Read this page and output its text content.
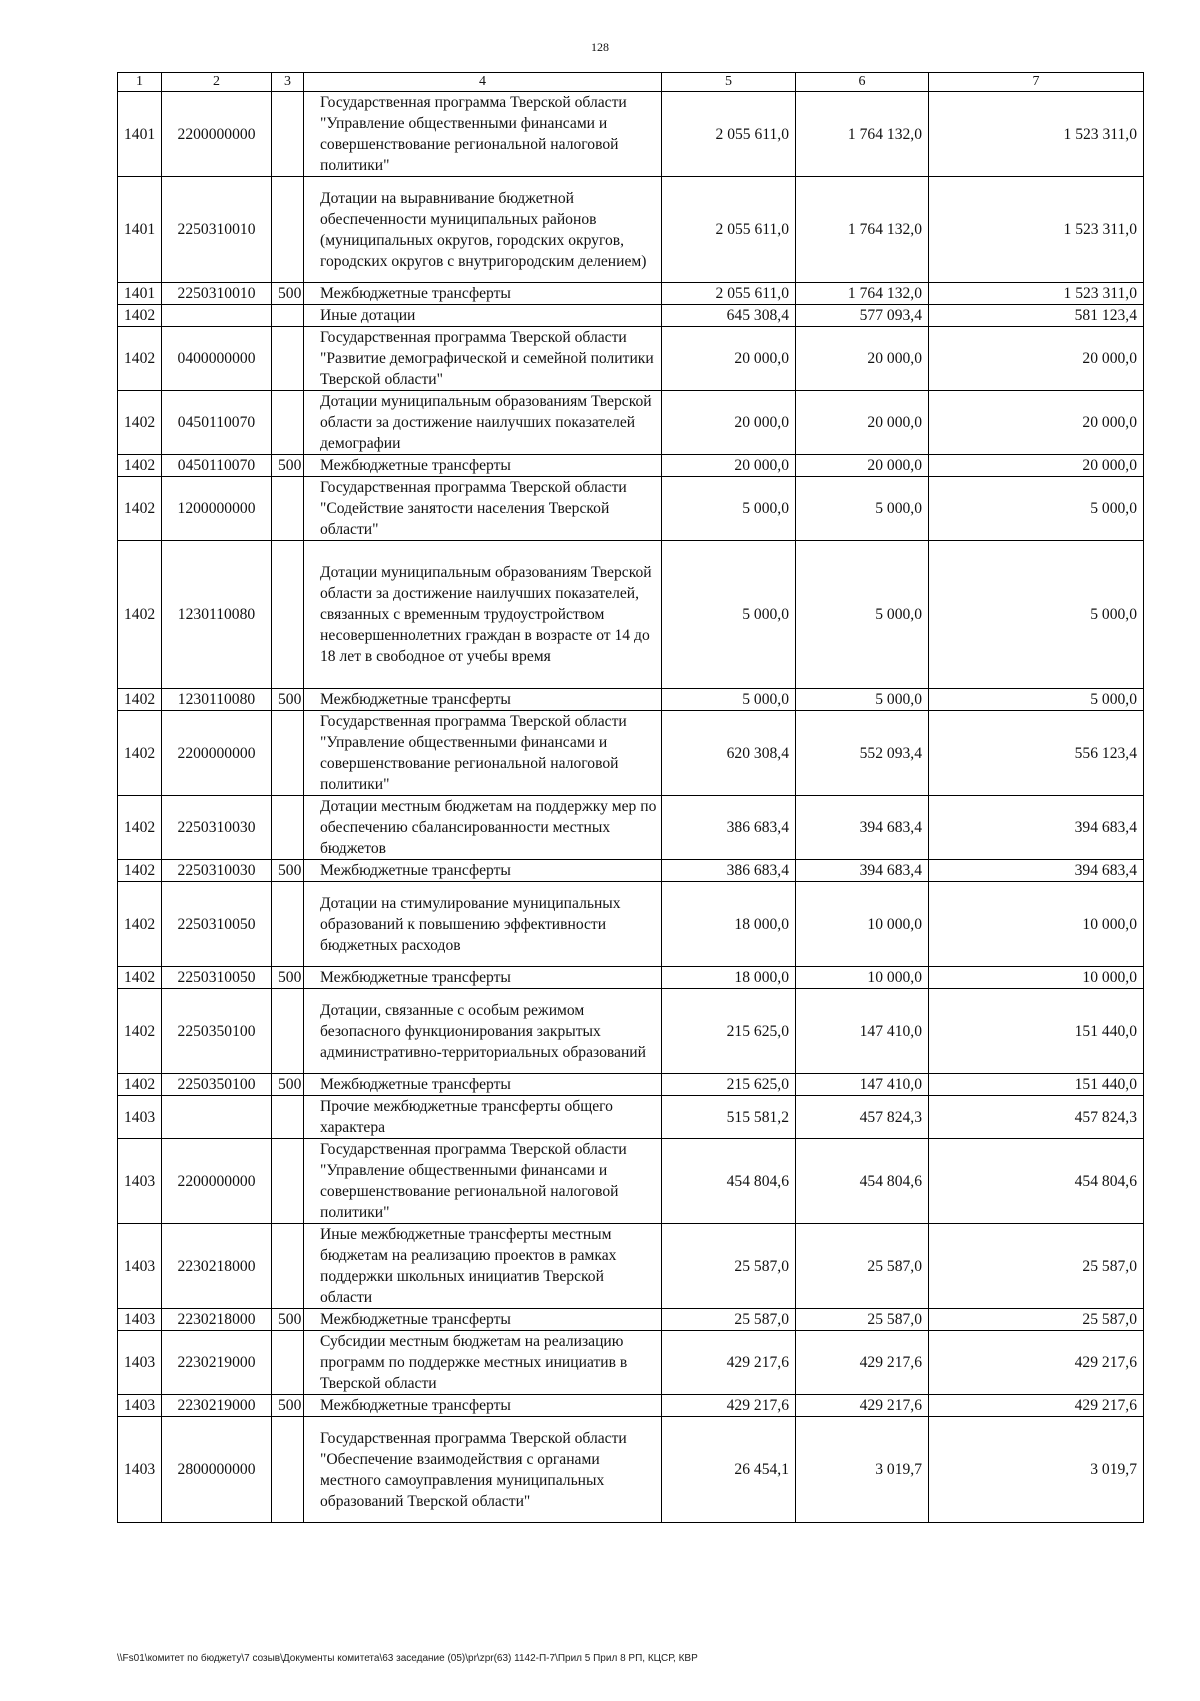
128
1	2	3	4	5	6	7
1401	2200000000		Государственная программа Тверской области "Управление общественными финансами и совершенствование региональной налоговой политики"	2 055 611,0	1 764 132,0	1 523 311,0
1401	2250310010		Дотации на выравнивание бюджетной обеспеченности муниципальных районов (муниципальных округов, городских округов, городских округов с внутригородским делением)	2 055 611,0	1 764 132,0	1 523 311,0
1401	2250310010	500	Межбюджетные трансферты	2 055 611,0	1 764 132,0	1 523 311,0
1402			Иные дотации	645 308,4	577 093,4	581 123,4
1402	0400000000		Государственная программа Тверской области "Развитие демографической и семейной политики Тверской области"	20 000,0	20 000,0	20 000,0
1402	0450110070		Дотации муниципальным образованиям Тверской области за достижение наилучших показателей демографии	20 000,0	20 000,0	20 000,0
1402	0450110070	500	Межбюджетные трансферты	20 000,0	20 000,0	20 000,0
1402	1200000000		Государственная программа Тверской области "Содействие занятости населения Тверской области"	5 000,0	5 000,0	5 000,0
1402	1230110080		Дотации муниципальным образованиям Тверской области за достижение наилучших показателей, связанных с временным трудоустройством несовершеннолетних граждан в возрасте от 14 до 18 лет в свободное от учебы время	5 000,0	5 000,0	5 000,0
1402	1230110080	500	Межбюджетные трансферты	5 000,0	5 000,0	5 000,0
1402	2200000000		Государственная программа Тверской области "Управление общественными финансами и совершенствование региональной налоговой политики"	620 308,4	552 093,4	556 123,4
1402	2250310030		Дотации местным бюджетам на поддержку мер по обеспечению сбалансированности местных бюджетов	386 683,4	394 683,4	394 683,4
1402	2250310030	500	Межбюджетные трансферты	386 683,4	394 683,4	394 683,4
1402	2250310050		Дотации на стимулирование муниципальных образований к повышению эффективности бюджетных расходов	18 000,0	10 000,0	10 000,0
1402	2250310050	500	Межбюджетные трансферты	18 000,0	10 000,0	10 000,0
1402	2250350100		Дотации, связанные с особым режимом безопасного функционирования закрытых административно-территориальных образований	215 625,0	147 410,0	151 440,0
1402	2250350100	500	Межбюджетные трансферты	215 625,0	147 410,0	151 440,0
1403			Прочие межбюджетные трансферты общего характера	515 581,2	457 824,3	457 824,3
1403	2200000000		Государственная программа Тверской области "Управление общественными финансами и совершенствование региональной налоговой политики"	454 804,6	454 804,6	454 804,6
1403	2230218000		Иные межбюджетные трансферты местным бюджетам на реализацию проектов в рамках поддержки школьных инициатив Тверской области	25 587,0	25 587,0	25 587,0
1403	2230218000	500	Межбюджетные трансферты	25 587,0	25 587,0	25 587,0
1403	2230219000		Субсидии местным бюджетам на реализацию программ по поддержке местных инициатив в Тверской области	429 217,6	429 217,6	429 217,6
1403	2230219000	500	Межбюджетные трансферты	429 217,6	429 217,6	429 217,6
1403	2800000000		Государственная программа Тверской области "Обеспечение взаимодействия с органами местного самоуправления муниципальных образований Тверской области"	26 454,1	3 019,7	3 019,7
\\Fs01\комитет по бюджету\7 созыв\Документы комитета\63 заседание (05)\pr\zpr(63) 1142-П-7\Прил 5 Прил 8 РП, КЦСР, КВР
